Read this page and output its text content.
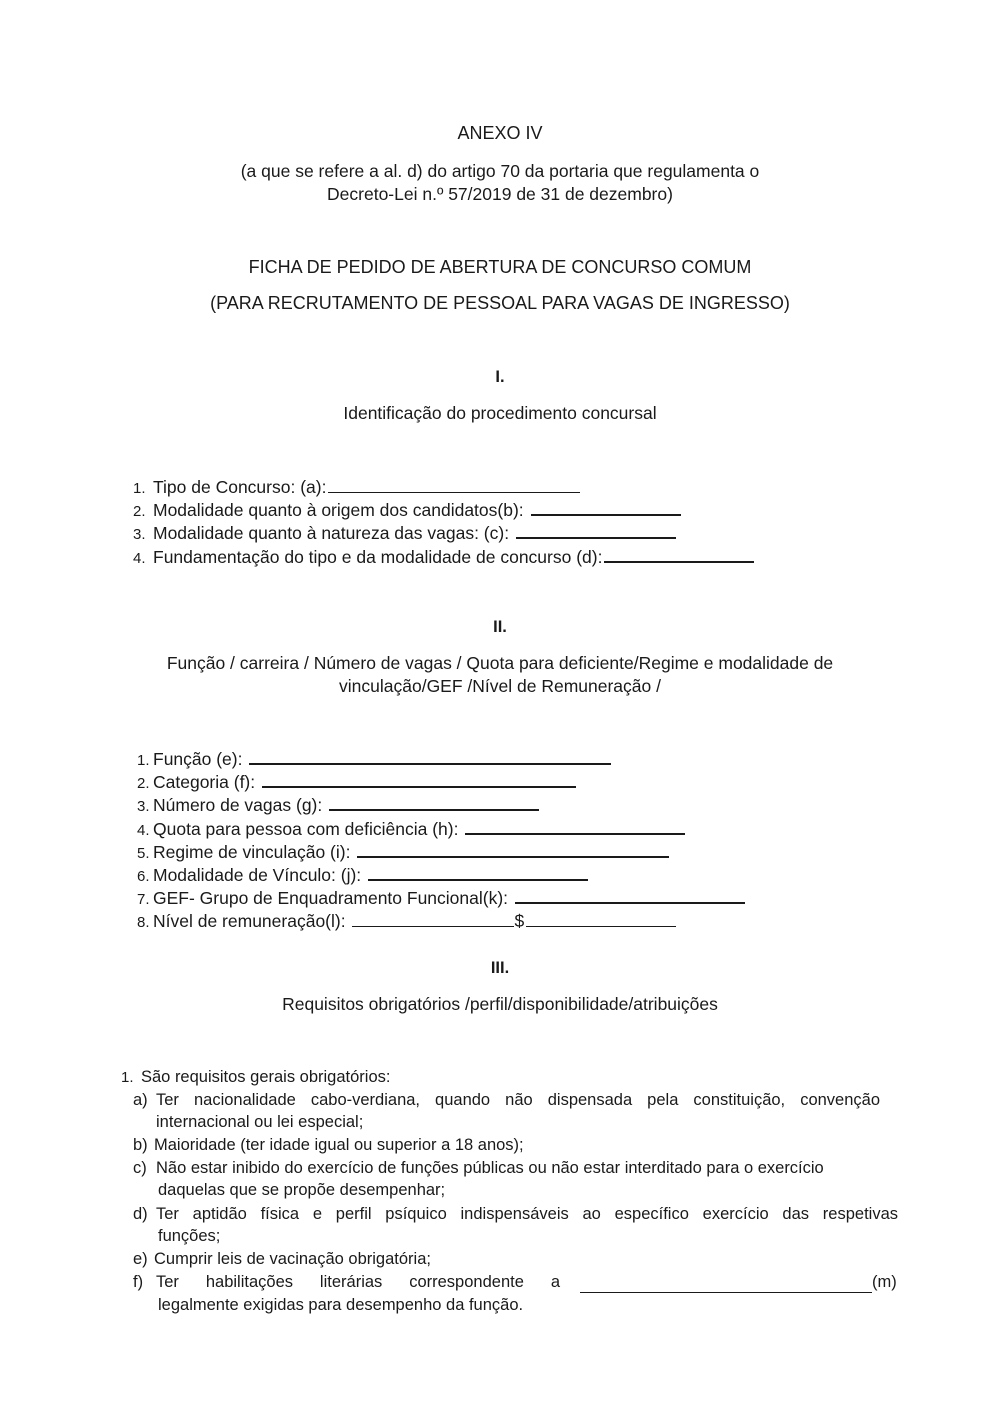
ANEXO IV
(a que se refere a al. d) do artigo 70 da portaria que regulamenta o
Decreto-Lei n.º 57/2019 de 31 de dezembro)
FICHA DE PEDIDO DE ABERTURA DE CONCURSO COMUM
(PARA RECRUTAMENTO DE PESSOAL PARA VAGAS DE INGRESSO)
I.
Identificação do procedimento concursal
1. Tipo de Concurso: (a):
2. Modalidade quanto à origem dos candidatos(b):
3. Modalidade quanto à natureza das vagas: (c):
4. Fundamentação do tipo e da modalidade de concurso (d):
II.
Função / carreira / Número de vagas / Quota para deficiente/Regime e modalidade de
vinculação/GEF /Nível de Remuneração /
1. Função (e):
2. Categoria (f):
3. Número de vagas (g):
4. Quota para pessoa com deficiência (h):
5. Regime de vinculação (i):
6. Modalidade de Vínculo: (j):
7. GEF- Grupo de Enquadramento Funcional(k):
8. Nível de remuneração(l):	$
III.
Requisitos obrigatórios /perfil/disponibilidade/atribuições
1. São requisitos gerais obrigatórios:
a) Ter nacionalidade cabo-verdiana, quando não dispensada pela constituição, convenção
internacional ou lei especial;
b) Maioridade (ter idade igual ou superior a 18 anos);
c) Não estar inibido do exercício de funções públicas ou não estar interditado para o exercício
daquelas que se propõe desempenhar;
d) Ter aptidão física e perfil psíquico indispensáveis ao específico exercício das respetivas
funções;
e) Cumprir leis de vacinação obrigatória;
f) Ter habilitações literárias correspondente a	(m)
legalmente exigidas para desempenho da função.
